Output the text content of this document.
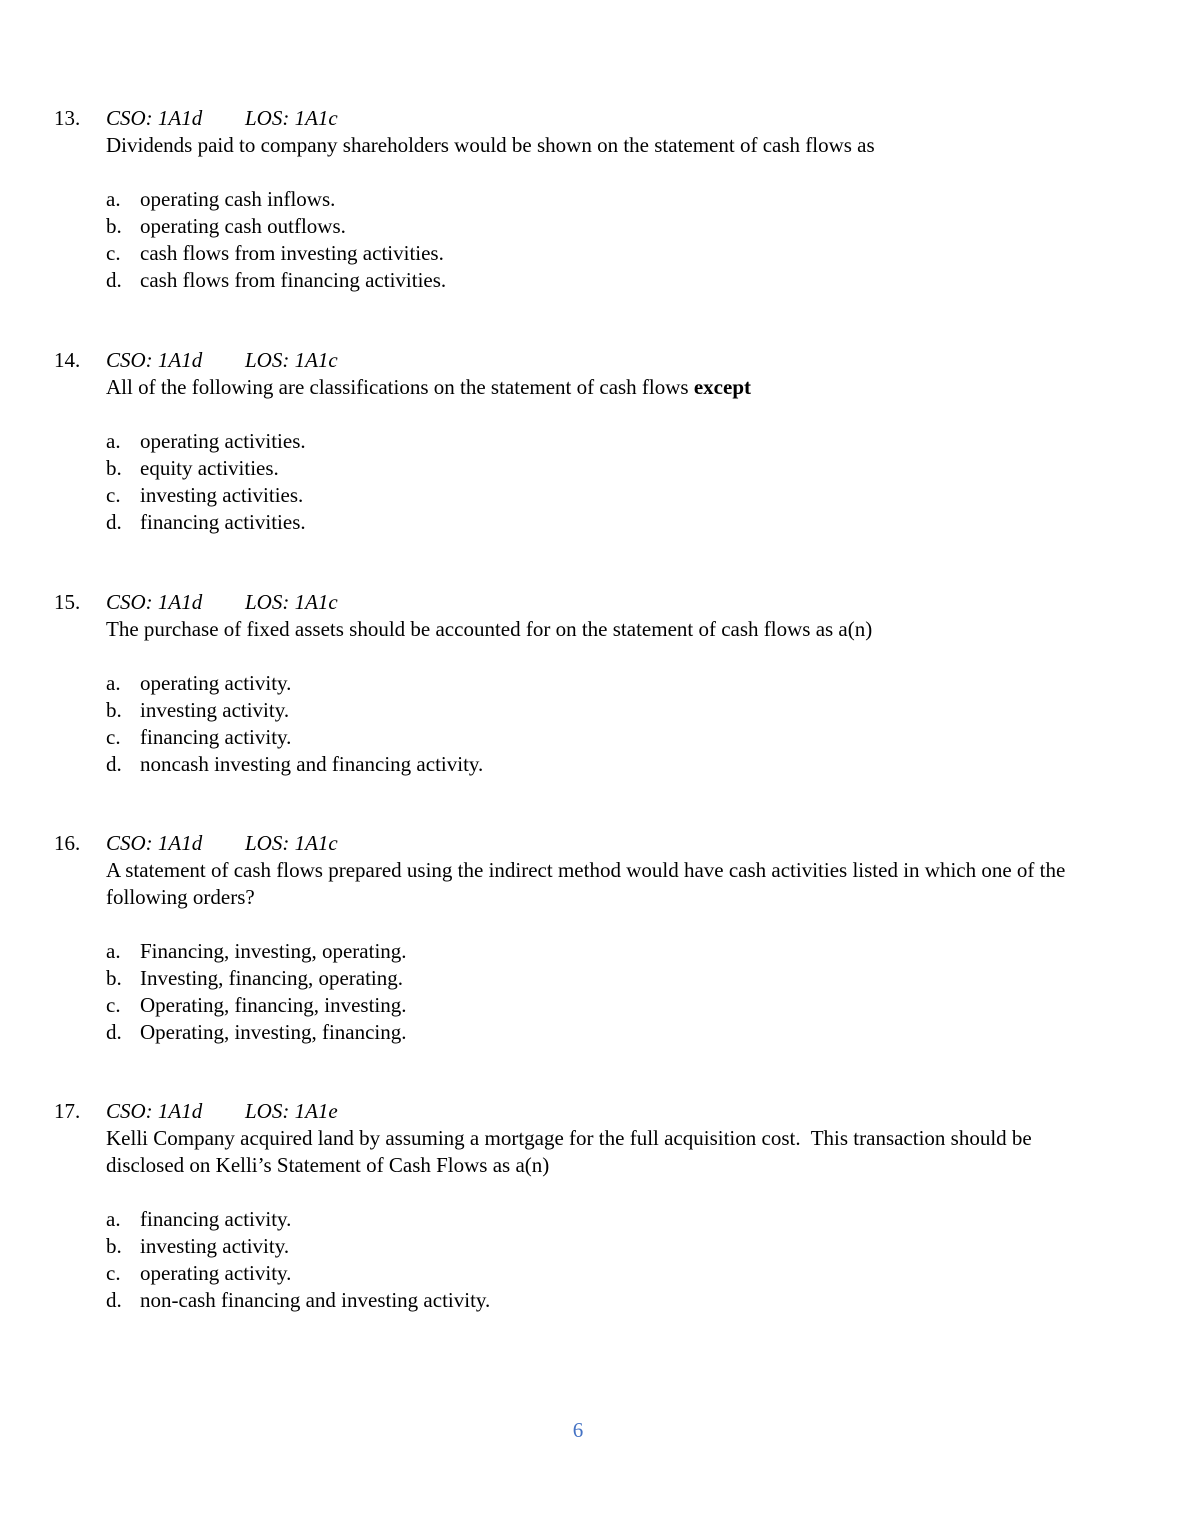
13. CSO: 1A1d LOS: 1A1c
Dividends paid to company shareholders would be shown on the statement of cash flows as
a. operating cash inflows.
b. operating cash outflows.
c. cash flows from investing activities.
d. cash flows from financing activities.
14. CSO: 1A1d LOS: 1A1c
All of the following are classifications on the statement of cash flows except
a. operating activities.
b. equity activities.
c. investing activities.
d. financing activities.
15. CSO: 1A1d LOS: 1A1c
The purchase of fixed assets should be accounted for on the statement of cash flows as a(n)
a. operating activity.
b. investing activity.
c. financing activity.
d. noncash investing and financing activity.
16. CSO: 1A1d LOS: 1A1c
A statement of cash flows prepared using the indirect method would have cash activities listed in which one of the following orders?
a. Financing, investing, operating.
b. Investing, financing, operating.
c. Operating, financing, investing.
d. Operating, investing, financing.
17. CSO: 1A1d LOS: 1A1e
Kelli Company acquired land by assuming a mortgage for the full acquisition cost.  This transaction should be disclosed on Kelli’s Statement of Cash Flows as a(n)
a. financing activity.
b. investing activity.
c. operating activity.
d. non-cash financing and investing activity.
6
